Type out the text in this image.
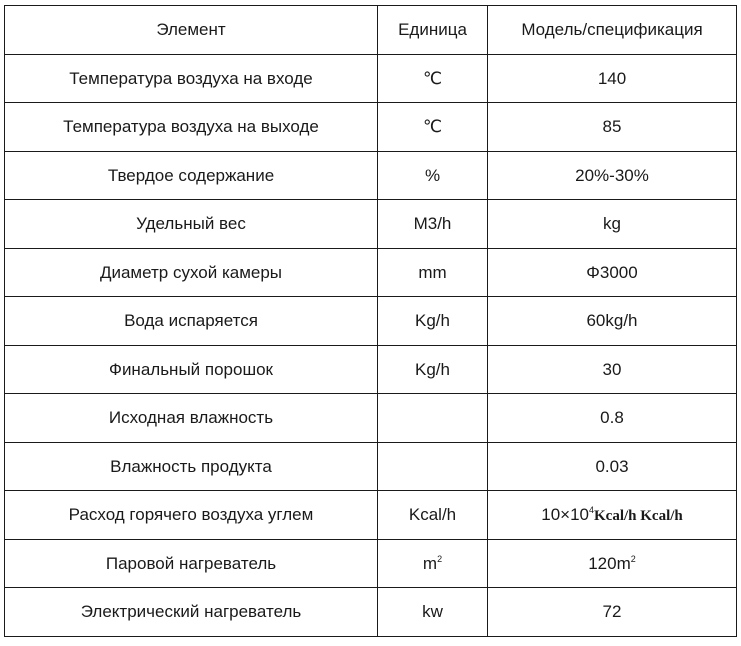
Элемент	Единица	Модель/спецификация
Температура воздуха на входе	℃	140
Температура воздуха на выходе	℃	85
Твердое содержание	%	20%-30%
Удельный вес	M3/h	kg
Диаметр сухой камеры	mm	Φ3000
Вода испаряется	Kg/h	60kg/h
Финальный порошок	Kg/h	30
Исходная влажность		0.8
Влажность продукта		0.03
Расход горячего воздуха углем	Kcal/h	$10\times 10^4Kcal/h$ Kcal/h
Паровой нагреватель	$m^2$	$120m^2$
Электрический нагреватель	kw	72
